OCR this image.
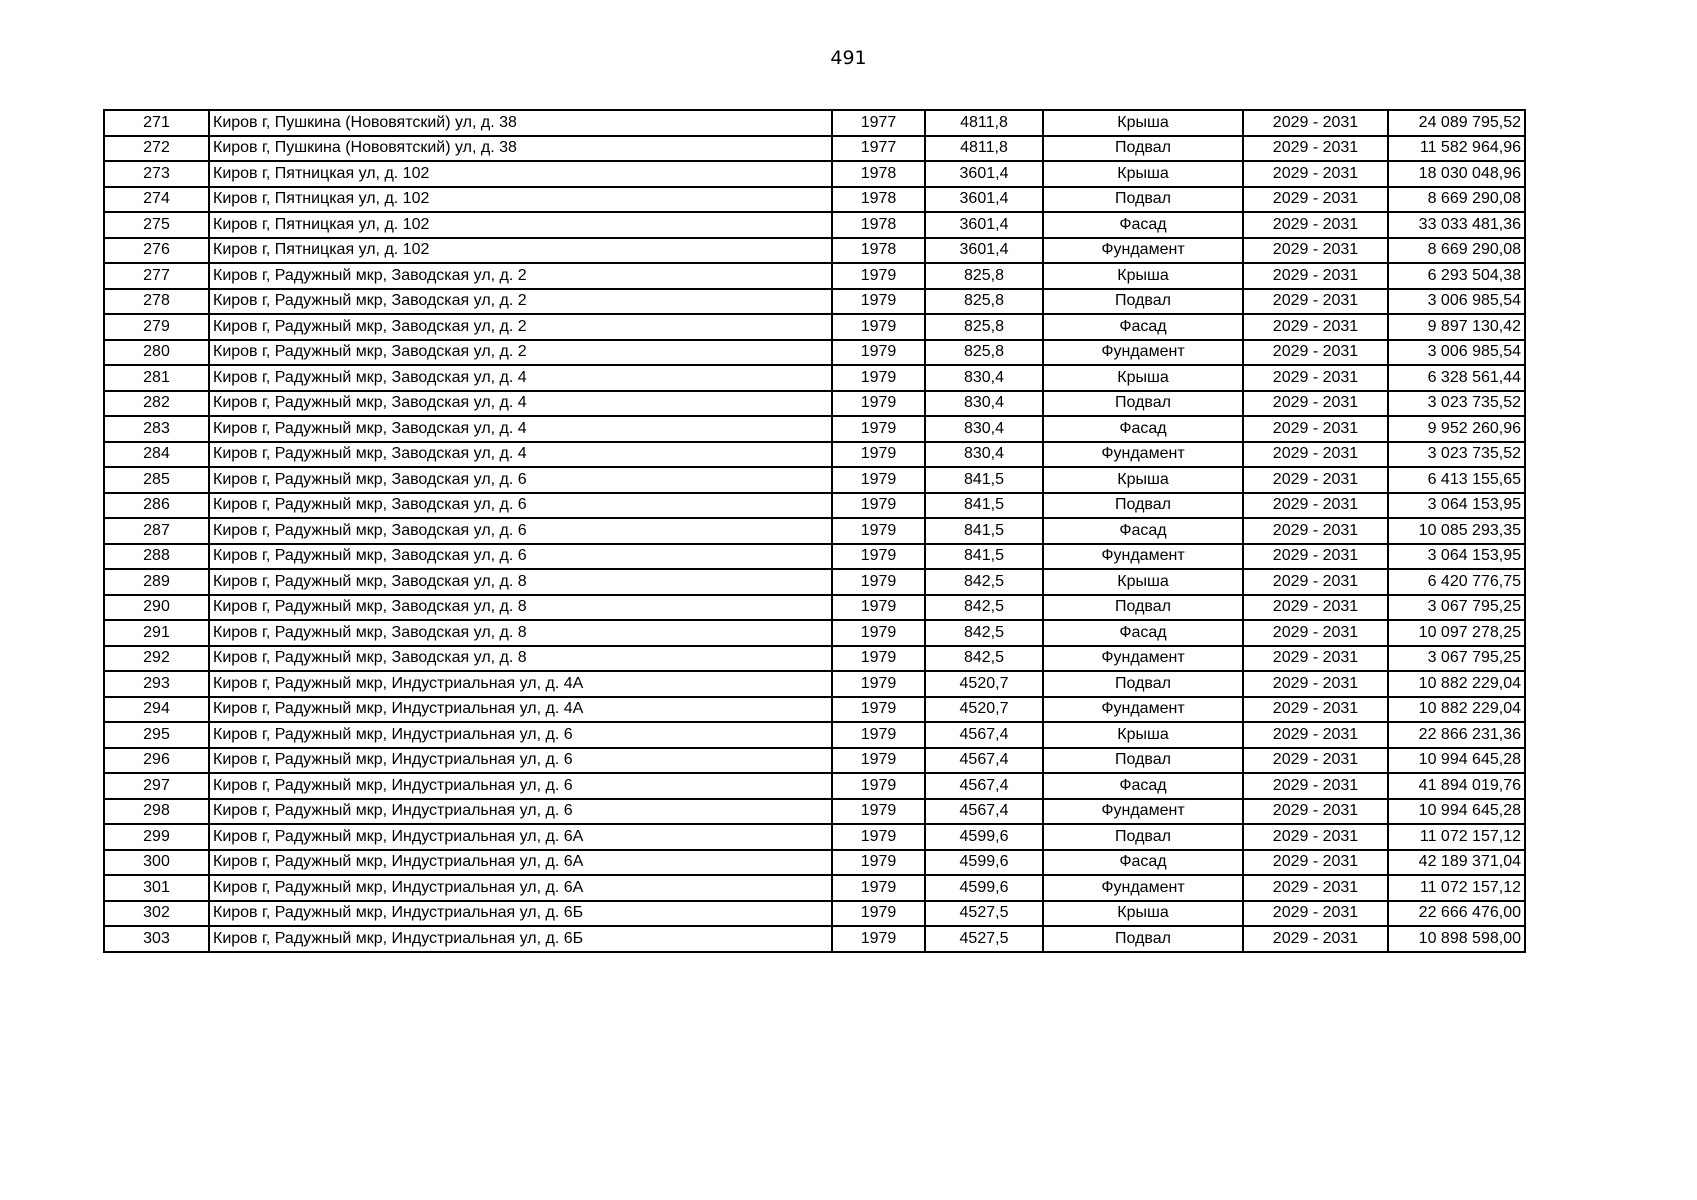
491
271	Киров г, Пушкина (Нововятский) ул, д. 38	1977	4811,8	Крыша	2029 - 2031	24 089 795,52
272	Киров г, Пушкина (Нововятский) ул, д. 38	1977	4811,8	Подвал	2029 - 2031	11 582 964,96
273	Киров г, Пятницкая ул, д. 102	1978	3601,4	Крыша	2029 - 2031	18 030 048,96
274	Киров г, Пятницкая ул, д. 102	1978	3601,4	Подвал	2029 - 2031	8 669 290,08
275	Киров г, Пятницкая ул, д. 102	1978	3601,4	Фасад	2029 - 2031	33 033 481,36
276	Киров г, Пятницкая ул, д. 102	1978	3601,4	Фундамент	2029 - 2031	8 669 290,08
277	Киров г, Радужный мкр, Заводская ул, д. 2	1979	825,8	Крыша	2029 - 2031	6 293 504,38
278	Киров г, Радужный мкр, Заводская ул, д. 2	1979	825,8	Подвал	2029 - 2031	3 006 985,54
279	Киров г, Радужный мкр, Заводская ул, д. 2	1979	825,8	Фасад	2029 - 2031	9 897 130,42
280	Киров г, Радужный мкр, Заводская ул, д. 2	1979	825,8	Фундамент	2029 - 2031	3 006 985,54
281	Киров г, Радужный мкр, Заводская ул, д. 4	1979	830,4	Крыша	2029 - 2031	6 328 561,44
282	Киров г, Радужный мкр, Заводская ул, д. 4	1979	830,4	Подвал	2029 - 2031	3 023 735,52
283	Киров г, Радужный мкр, Заводская ул, д. 4	1979	830,4	Фасад	2029 - 2031	9 952 260,96
284	Киров г, Радужный мкр, Заводская ул, д. 4	1979	830,4	Фундамент	2029 - 2031	3 023 735,52
285	Киров г, Радужный мкр, Заводская ул, д. 6	1979	841,5	Крыша	2029 - 2031	6 413 155,65
286	Киров г, Радужный мкр, Заводская ул, д. 6	1979	841,5	Подвал	2029 - 2031	3 064 153,95
287	Киров г, Радужный мкр, Заводская ул, д. 6	1979	841,5	Фасад	2029 - 2031	10 085 293,35
288	Киров г, Радужный мкр, Заводская ул, д. 6	1979	841,5	Фундамент	2029 - 2031	3 064 153,95
289	Киров г, Радужный мкр, Заводская ул, д. 8	1979	842,5	Крыша	2029 - 2031	6 420 776,75
290	Киров г, Радужный мкр, Заводская ул, д. 8	1979	842,5	Подвал	2029 - 2031	3 067 795,25
291	Киров г, Радужный мкр, Заводская ул, д. 8	1979	842,5	Фасад	2029 - 2031	10 097 278,25
292	Киров г, Радужный мкр, Заводская ул, д. 8	1979	842,5	Фундамент	2029 - 2031	3 067 795,25
293	Киров г, Радужный мкр, Индустриальная ул, д. 4А	1979	4520,7	Подвал	2029 - 2031	10 882 229,04
294	Киров г, Радужный мкр, Индустриальная ул, д. 4А	1979	4520,7	Фундамент	2029 - 2031	10 882 229,04
295	Киров г, Радужный мкр, Индустриальная ул, д. 6	1979	4567,4	Крыша	2029 - 2031	22 866 231,36
296	Киров г, Радужный мкр, Индустриальная ул, д. 6	1979	4567,4	Подвал	2029 - 2031	10 994 645,28
297	Киров г, Радужный мкр, Индустриальная ул, д. 6	1979	4567,4	Фасад	2029 - 2031	41 894 019,76
298	Киров г, Радужный мкр, Индустриальная ул, д. 6	1979	4567,4	Фундамент	2029 - 2031	10 994 645,28
299	Киров г, Радужный мкр, Индустриальная ул, д. 6А	1979	4599,6	Подвал	2029 - 2031	11 072 157,12
300	Киров г, Радужный мкр, Индустриальная ул, д. 6А	1979	4599,6	Фасад	2029 - 2031	42 189 371,04
301	Киров г, Радужный мкр, Индустриальная ул, д. 6А	1979	4599,6	Фундамент	2029 - 2031	11 072 157,12
302	Киров г, Радужный мкр, Индустриальная ул, д. 6Б	1979	4527,5	Крыша	2029 - 2031	22 666 476,00
303	Киров г, Радужный мкр, Индустриальная ул, д. 6Б	1979	4527,5	Подвал	2029 - 2031	10 898 598,00
